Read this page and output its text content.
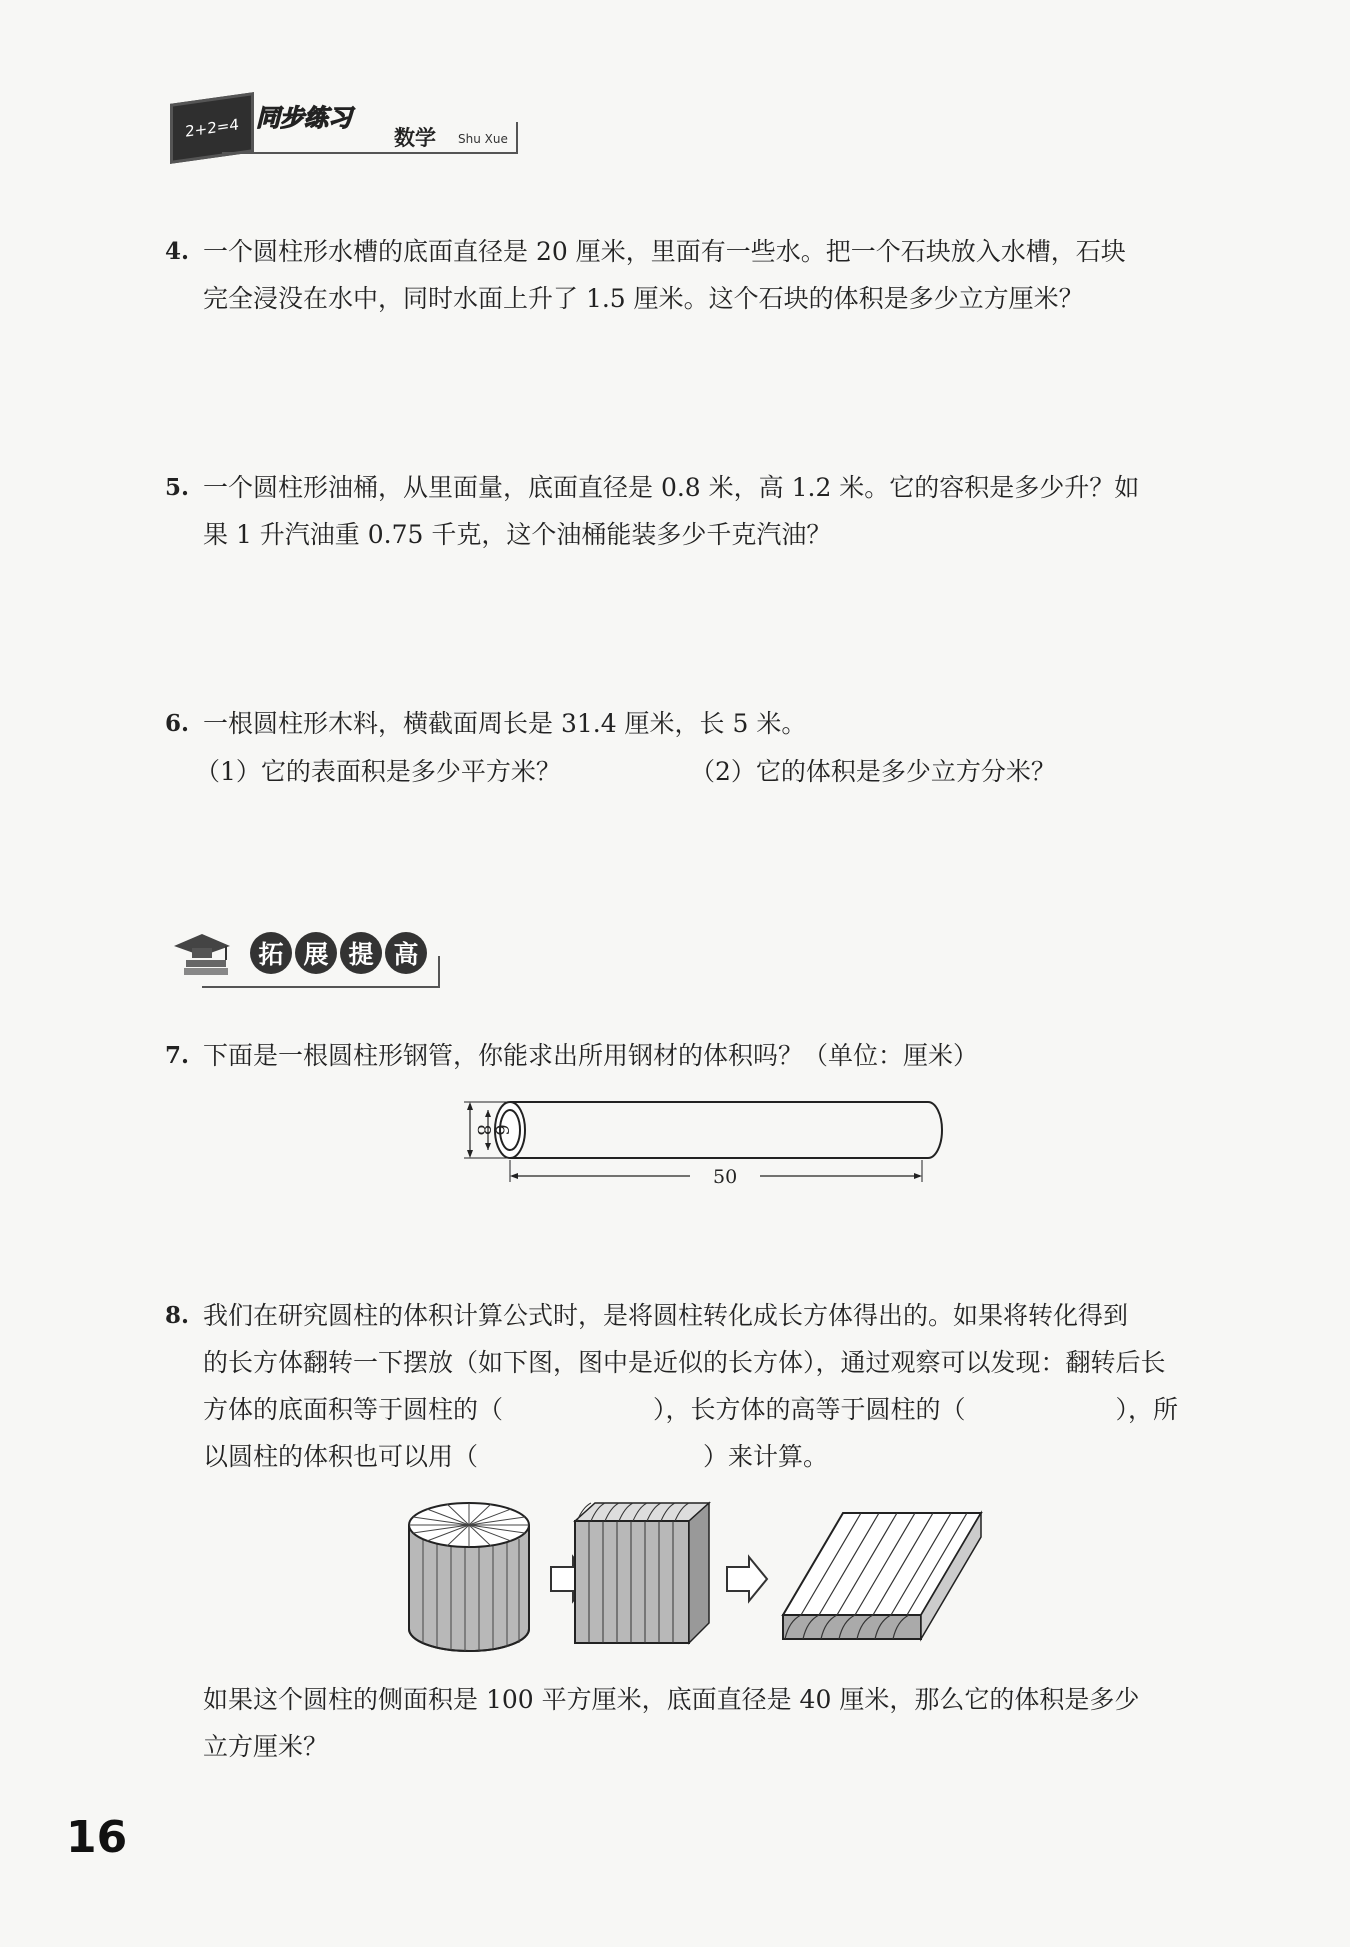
2+2=4 同步练习
数学 Shu Xue
4. 一个圆柱形水槽的底面直径是 20 厘米，里面有一些水。把一个石块放入水槽，石块
完全浸没在水中，同时水面上升了 1.5 厘米。这个石块的体积是多少立方厘米？
5. 一个圆柱形油桶，从里面量，底面直径是 0.8 米，高 1.2 米。它的容积是多少升？如
果 1 升汽油重 0.75 千克，这个油桶能装多少千克汽油？
6. 一根圆柱形木料，横截面周长是 31.4 厘米，长 5 米。
（1）它的表面积是多少平方米？	（2）它的体积是多少立方分米？
拓 展 提 高
7. 下面是一根圆柱形钢管，你能求出所用钢材的体积吗？（单位：厘米）
8
6
50
8. 我们在研究圆柱的体积计算公式时，是将圆柱转化成长方体得出的。如果将转化得到
的长方体翻转一下摆放（如下图，图中是近似的长方体），通过观察可以发现：翻转后长
方体的底面积等于圆柱的（　　　　　　），长方体的高等于圆柱的（　　　　　　），所
以圆柱的体积也可以用（　　　　　　　　　）来计算。
如果这个圆柱的侧面积是 100 平方厘米，底面直径是 40 厘米，那么它的体积是多少
立方厘米？
16
